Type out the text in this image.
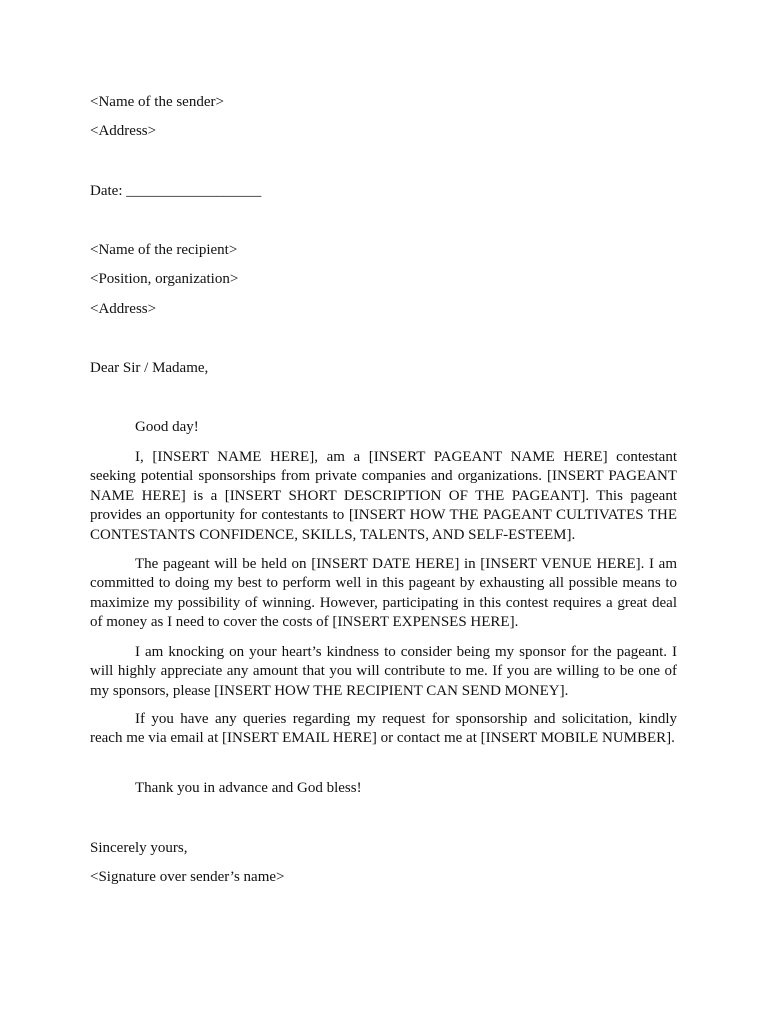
<Name of the sender>
<Address>
Date: __________________
<Name of the recipient>
<Position, organization>
<Address>
Dear Sir / Madame,
Good day!
I, [INSERT NAME HERE], am a [INSERT PAGEANT NAME HERE] contestant seeking potential sponsorships from private companies and organizations. [INSERT PAGEANT NAME HERE] is a [INSERT SHORT DESCRIPTION OF THE PAGEANT]. This pageant provides an opportunity for contestants to [INSERT HOW THE PAGEANT CULTIVATES THE CONTESTANTS CONFIDENCE, SKILLS, TALENTS, AND SELF-ESTEEM].
The pageant will be held on [INSERT DATE HERE] in [INSERT VENUE HERE]. I am committed to doing my best to perform well in this pageant by exhausting all possible means to maximize my possibility of winning. However, participating in this contest requires a great deal of money as I need to cover the costs of [INSERT EXPENSES HERE].
I am knocking on your heart’s kindness to consider being my sponsor for the pageant. I will highly appreciate any amount that you will contribute to me. If you are willing to be one of my sponsors, please [INSERT HOW THE RECIPIENT CAN SEND MONEY].
If you have any queries regarding my request for sponsorship and solicitation, kindly reach me via email at [INSERT EMAIL HERE] or contact me at [INSERT MOBILE NUMBER].
Thank you in advance and God bless!
Sincerely yours,
<Signature over sender’s name>
